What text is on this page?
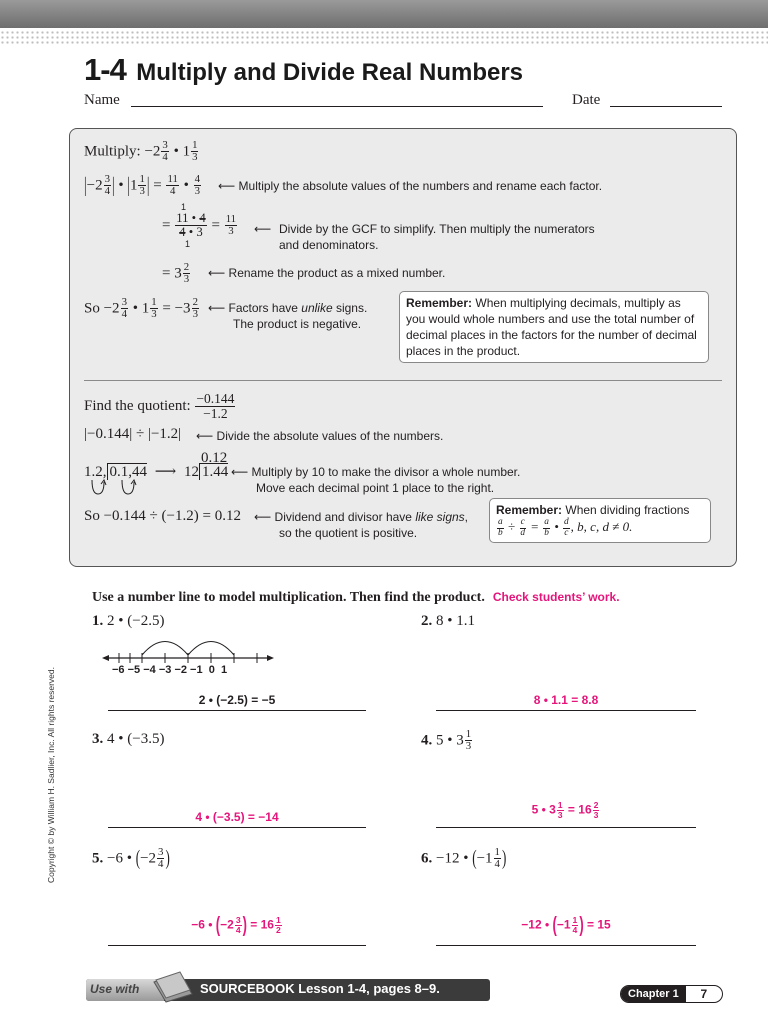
1-4 Multiply and Divide Real Numbers
Name	Date
Multiply: $-2 \frac{3}{4}$ • $1 \frac{1}{3}$
$|-2 \frac{3}{4}$ | • $|1 \frac{1}{3}$ | = $\frac{11}{4}$ • $\frac{4}{3}$ ⟵ Multiply the absolute values of the numbers and rename each factor.
= $\frac{11 • 4}{4 • 3} = \frac{11}{3}$
1
1
⟵ Divide by the GCF to simplify. Then multiply the numerators and denominators.
= $3 \frac{2}{3}$ ⟵ Rename the product as a mixed number.
$So -2 \frac{3}{4}$ • $1 \frac{1}{3} = -3 \frac{2}{3}$ ⟵ Factors have unlike signs.
The product is negative.
Remember: When multiplying decimals, multiply as you would whole numbers and use the total number of decimal places in the factors for the number of decimal places in the product.
Find the quotient: $\frac{-0.144}{-1.2}$
|−0.144| ÷ |−1.2| ⟵ Divide the absolute values of the numbers.
0.12
1.2, 0.1,44 ⟶ 12 1.44 ⟵ Multiply by 10 to make the divisor a whole number.
Move each decimal point 1 place to the right.
So −0.144 ÷ (−1.2) = 0.12 ⟵ Dividend and divisor have like signs,
so the quotient is positive.
Remember: When dividing fractions

$\frac{a}{b} \div \frac{c}{d} = \frac{a}{b}$ • $\frac{d}{c}$ , b, c, d ≠ 0.
Use a number line to model multiplication. Then find the product. Check students’ work.
1. 2 • (−2.5)
−6 −5 −4 −3 −2 −1 0 1
2 • (−2.5) = −5
2. 8 • 1.1
8 • 1.1 = 8.8
3. 4 • (−3.5)
4 • (−3.5) = −14
4. 5 • $3 \frac{1}{3}$
5 • $3 \frac{1}{3} = 16 \frac{2}{3}$
5. −6 • ($-2 \frac{3}{4}$ )
−6 • ($-2 \frac{3}{4}$ ) = $16 \frac{1}{2}$
6. −12 • ($-1 \frac{1}{4}$ )
−12 • ($-1 \frac{1}{4}$ ) = 15
Copyright © by William H. Sadlier, Inc. All rights reserved.
Use with	SOURCEBOOK Lesson 1-4, pages 8–9.	Chapter 1	7
